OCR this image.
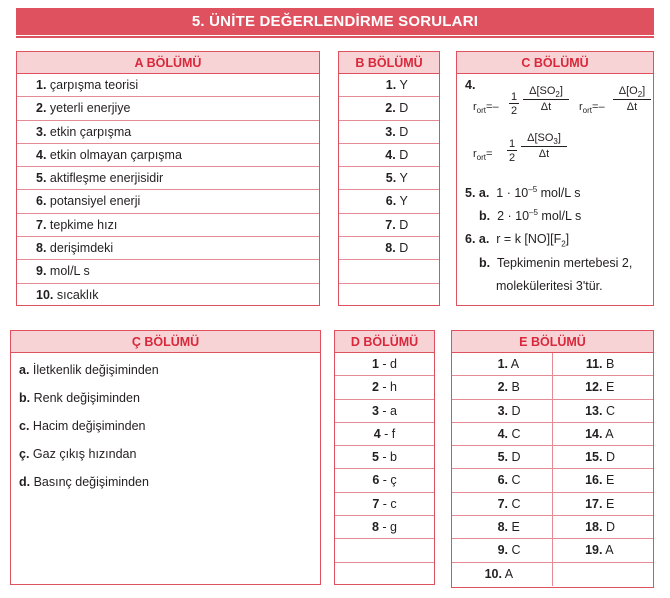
5. ÜNİTE DEĞERLENDİRME SORULARI
A BÖLÜMÜ
1. çarpışma teorisi
2. yeterli enerjiye
3. etkin çarpışma
4. etkin olmayan çarpışma
5. aktifleşme enerjisidir
6. potansiyel enerji
7. tepkime hızı
8. derişimdeki
9. mol/L s
10. sıcaklık
B BÖLÜMÜ
1. Y
2. D
3. D
4. D
5. Y
6. Y
7. D
8. D
C BÖLÜMÜ
4.
$r_{ort}=- \frac{1}{2} \frac{\Delta[SO_2]}{\Delta t} r_{ort}=- \frac{\Delta[O_2]}{\Delta t}$
$r_{ort}= \frac{1}{2} \frac{\Delta[SO_3]}{\Delta t}$
5. a. $1 \cdot 10^{-5}$ mol/L s
b. $2 \cdot 10^{-5}$ mol/L s
6. a. r = k $[NO][F_2]$
b. Tepkimenin mertebesi 2,
moleküleritesi 3'tür.
Ç BÖLÜMÜ
a. İletkenlik değişiminden
b. Renk değişiminden
c. Hacim değişiminden
ç. Gaz çıkış hızından
d. Basınç değişiminden
D BÖLÜMÜ
1 - d
2 - h
3 - a
4 - f
5 - b
6 - ç
7 - c
8 - g
E BÖLÜMÜ
1. A	11. B
2. B	12. E
3. D	13. C
4. C	14. A
5. D	15. D
6. C	16. E
7. C	17. E
8. E	18. D
9. C	19. A
10. A
